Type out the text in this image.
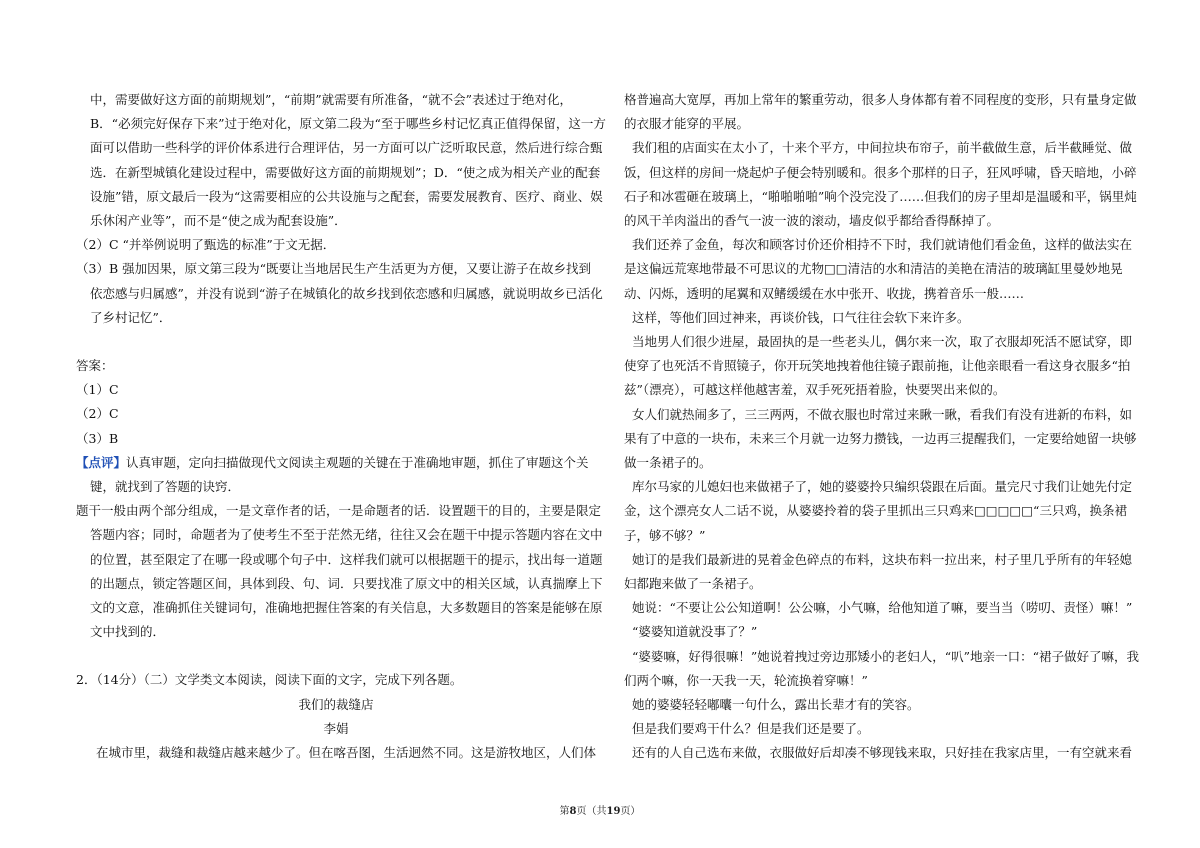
中，需要做好这方面的前期规划”，“前期”就需要有所准备，“就不会”表述过于绝对化，
B．“必须完好保存下来”过于绝对化，原文第二段为“至于哪些乡村记忆真正值得保留，这一方
面可以借助一些科学的评价体系进行合理评估，另一方面可以广泛听取民意，然后进行综合甄
选．在新型城镇化建设过程中，需要做好这方面的前期规划”；D．“使之成为相关产业的配套
设施”错，原文最后一段为“这需要相应的公共设施与之配套，需要发展教育、医疗、商业、娱
乐休闲产业等”，而不是“使之成为配套设施”．
（2）C “并举例说明了甄选的标准”于文无据．
（3）B 强加因果，原文第三段为“既要让当地居民生产生活更为方便，又要让游子在故乡找到
依恋感与归属感”，并没有说到“游子在城镇化的故乡找到依恋感和归属感，就说明故乡已活化
了乡村记忆”．
答案：
（1）C
（2）C
（3）B
【点评】认真审题，定向扫描做现代文阅读主观题的关键在于准确地审题，抓住了审题这个关
键，就找到了答题的诀窍．
题干一般由两个部分组成，一是文章作者的话，一是命题者的话．设置题干的目的，主要是限定
答题内容；同时，命题者为了使考生不至于茫然无绪，往往又会在题干中提示答题内容在文中
的位置，甚至限定了在哪一段或哪个句子中．这样我们就可以根据题干的提示，找出每一道题
的出题点，锁定答题区间，具体到段、句、词．只要找准了原文中的相关区域，认真揣摩上下
文的文意，准确抓住关键词句，准确地把握住答案的有关信息，大多数题目的答案是能够在原
文中找到的．
2．（14分）（二）文学类文本阅读，阅读下面的文字，完成下列各题。
我们的裁缝店
李娟
在城市里，裁缝和裁缝店越来越少了。但在喀吾图，生活迥然不同。这是游牧地区，人们体
格普遍高大宽厚，再加上常年的繁重劳动，很多人身体都有着不同程度的变形，只有量身定做
的衣服才能穿的平展。
我们租的店面实在太小了，十来个平方，中间拉块布帘子，前半截做生意，后半截睡觉、做
饭，但这样的房间一烧起炉子便会特别暖和。很多个那样的日子，狂风呼啸，昏天暗地，小碎
石子和冰雹砸在玻璃上，“啪啪啪啪”响个没完没了……但我们的房子里却是温暖和平，锅里炖
的风干羊肉溢出的香气一波一波的滚动，墙皮似乎都给香得酥掉了。
我们还养了金鱼，每次和顾客讨价还价相持不下时，我们就请他们看金鱼，这样的做法实在
是这偏远荒寒地带最不可思议的尤物□□清洁的水和清洁的美艳在清洁的玻璃缸里曼妙地晃
动、闪烁，透明的尾翼和双鳍缓缓在水中张开、收拢，携着音乐一般……
这样，等他们回过神来，再谈价钱，口气往往会软下来许多。
当地男人们很少进屋，最固执的是一些老头儿，偶尔来一次，取了衣服却死活不愿试穿，即
使穿了也死活不肯照镜子，你开玩笑地拽着他往镜子跟前拖，让他亲眼看一看这身衣服多“拍
兹”（漂亮），可越这样他越害羞，双手死死捂着脸，快要哭出来似的。
女人们就热闹多了，三三两两，不做衣服也时常过来瞅一瞅，看我们有没有进新的布料，如
果有了中意的一块布，未来三个月就一边努力攒钱，一边再三提醒我们，一定要给她留一块够
做一条裙子的。
库尔马家的儿媳妇也来做裙子了，她的婆婆拎只编织袋跟在后面。量完尺寸我们让她先付定
金，这个漂亮女人二话不说，从婆婆拎着的袋子里抓出三只鸡来□□□□□“三只鸡，换条裙
子，够不够？”
她订的是我们最新进的晃着金色碎点的布料，这块布料一拉出来，村子里几乎所有的年轻媳
妇都跑来做了一条裙子。
她说：“不要让公公知道啊！公公嘛，小气嘛，给他知道了嘛，要当当（唠叨、责怪）嘛！”
“婆婆知道就没事了？”
“婆婆嘛，好得很嘛！”她说着拽过旁边那矮小的老妇人，“叭”地亲一口：“裙子做好了嘛，我
们两个嘛，你一天我一天，轮流换着穿嘛！”
她的婆婆轻轻嘟囔一句什么，露出长辈才有的笑容。
但是我们要鸡干什么？但是我们还是要了。
还有的人自己选布来做，衣服做好后却凑不够现钱来取，只好挂在我家店里，一有空就来看
第8页（共19页）
